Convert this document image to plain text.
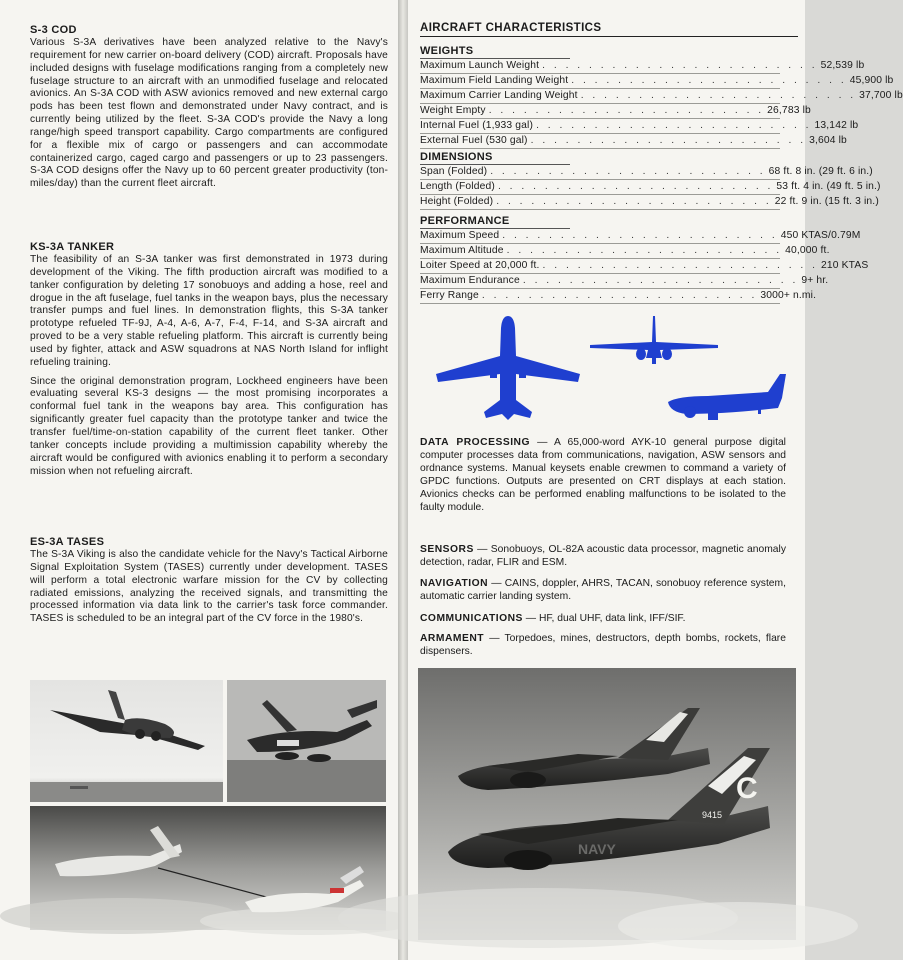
S-3 COD

Various S-3A derivatives have been analyzed relative to the Navy's requirement for new carrier on-board delivery (COD) aircraft. Proposals have included designs with fuselage modifications ranging from a completely new fuselage structure to an aircraft with an unmodified fuselage and relocated avionics. An S-3A COD with ASW avionics removed and new external cargo pods has been test flown and demonstrated under Navy contract, and is currently being utilized by the fleet. S-3A COD's provide the Navy a long range/high speed transport capability. Cargo compartments are configured for a flexible mix of cargo or passengers and can accommodate containerized cargo, caged cargo and passengers or up to 23 passengers. S-3A COD designs offer the Navy up to 60 percent greater productivity (ton-miles/day) than the current fleet aircraft.

KS-3A TANKER

The feasibility of an S-3A tanker was first demonstrated in 1973 during development of the Viking. The fifth production aircraft was modified to a tanker configuration by deleting 17 sonobuoys and adding a hose, reel and drogue in the aft fuselage, fuel tanks in the weapon bays, plus the necessary transfer pumps and fuel lines. In demonstration flights, this S-3A tanker prototype refueled TF-9J, A-4, A-6, A-7, F-4, F-14, and S-3A aircraft and proved to be a very stable refueling platform. This aircraft is currently being used by fighter, attack and ASW squadrons at NAS North Island for inflight refueling training.

Since the original demonstration program, Lockheed engineers have been evaluating several KS-3 designs — the most promising incorporates a conformal fuel tank in the weapons bay area. This configuration has significantly greater fuel capacity than the prototype tanker and twice the transfer fuel/time-on-station capability of the current fleet tanker. Other tanker concepts include providing a multimission capability whereby the aircraft would be configured with avionics enabling it to perform a secondary mission when not refueling aircraft.

ES-3A TASES

The S-3A Viking is also the candidate vehicle for the Navy's Tactical Airborne Signal Exploitation System (TASES) currently under development. TASES will perform a total electronic warfare mission for the CV by collecting radiated emissions, analyzing the received signals, and transmitting the processed information via data link to the carrier's task force commander. TASES is scheduled to be an integral part of the CV force in the 1980's.

AIRCRAFT CHARACTERISTICS
WEIGHTS
Maximum Launch Weight . . . . . . . . . . . . . . . . . . . . . . . . 52,539 lb
Maximum Field Landing Weight . . . . . . . . . . . . . . . . . . . . . . . . 45,900 lb
Maximum Carrier Landing Weight . . . . . . . . . . . . . . . . . . . . . . . . 37,700 lb
Weight Empty . . . . . . . . . . . . . . . . . . . . . . . . 26,783 lb
Internal Fuel (1,933 gal) . . . . . . . . . . . . . . . . . . . . . . . . 13,142 lb
External Fuel (530 gal) . . . . . . . . . . . . . . . . . . . . . . . . 3,604 lb
DIMENSIONS
Span (Folded) . . . . . . . . . . . . . . . . . . . . . . . . 68 ft. 8 in. (29 ft. 6 in.)
Length (Folded) . . . . . . . . . . . . . . . . . . . . . . . . 53 ft. 4 in. (49 ft. 5 in.)
Height (Folded) . . . . . . . . . . . . . . . . . . . . . . . . 22 ft. 9 in. (15 ft. 3 in.)
PERFORMANCE
Maximum Speed . . . . . . . . . . . . . . . . . . . . . . . . 450 KTAS/0.79M
Maximum Altitude . . . . . . . . . . . . . . . . . . . . . . . . 40,000 ft.
Loiter Speed at 20,000 ft. . . . . . . . . . . . . . . . . . . . . . . . . 210 KTAS
Maximum Endurance . . . . . . . . . . . . . . . . . . . . . . . . 9+ hr.
Ferry Range . . . . . . . . . . . . . . . . . . . . . . . . 3000+ n.mi.
DATA PROCESSING — A 65,000-word AYK-10 general purpose digital computer processes data from communications, navigation, ASW sensors and ordnance systems. Manual keysets enable crewmen to command a variety of GPDC functions. Outputs are presented on CRT displays at each station. Avionics checks can be performed enabling malfunctions to be isolated to the faulty module.
SENSORS — Sonobuoys, OL-82A acoustic data processor, magnetic anomaly detection, radar, FLIR and ESM.
NAVIGATION — CAINS, doppler, AHRS, TACAN, sonobuoy reference system, automatic carrier landing system.
COMMUNICATIONS — HF, dual UHF, data link, IFF/SIF.
ARMAMENT — Torpedoes, mines, destructors, depth bombs, rockets, flare dispensers.
C
9415
NAVY
